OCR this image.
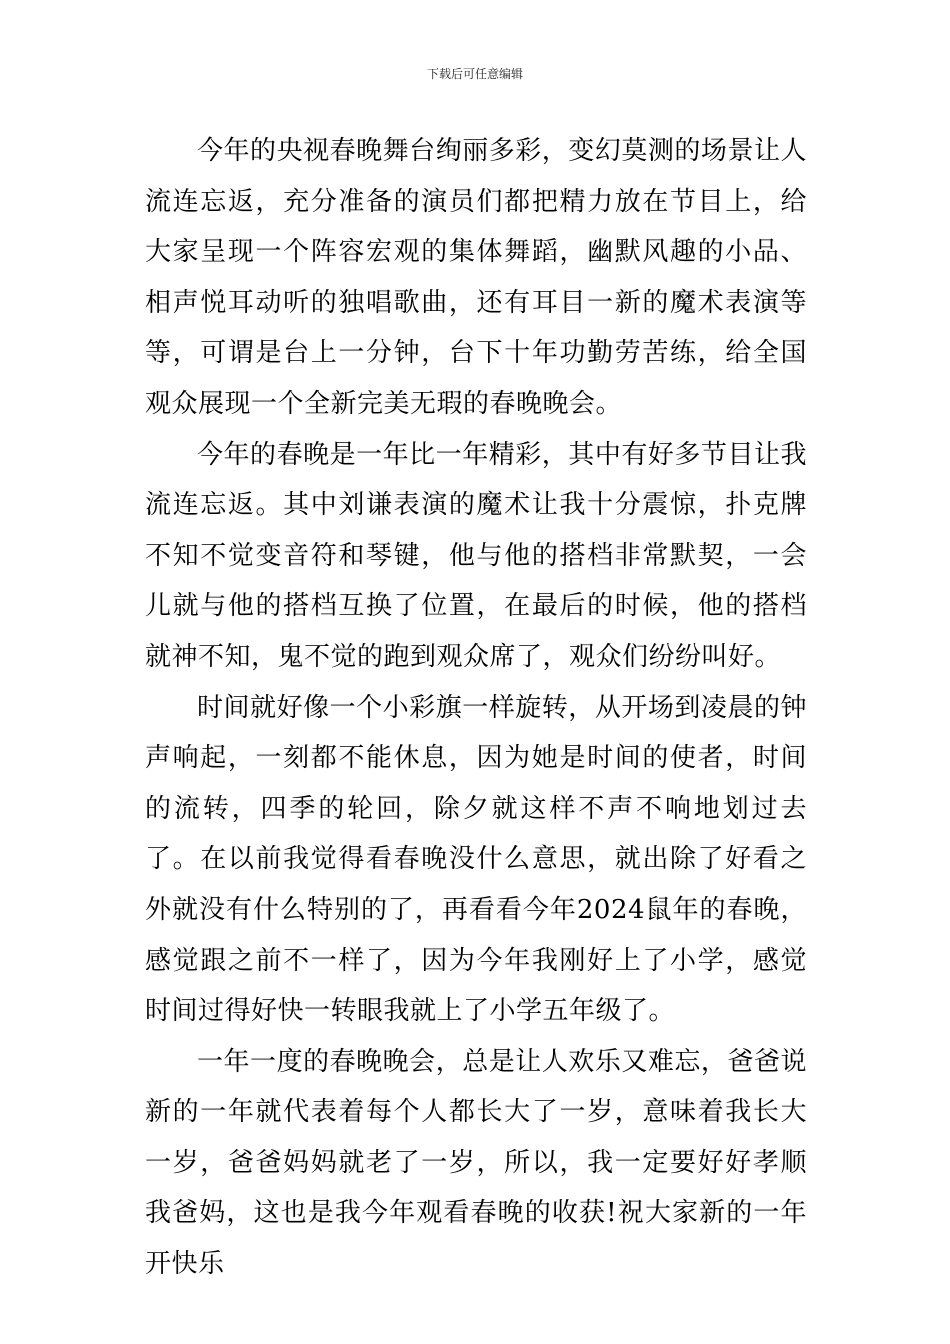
下载后可任意编辑

今年的央视春晚舞台绚丽多彩，变幻莫测的场景让人流连忘返，充分准备的演员们都把精力放在节目上，给大家呈现一个阵容宏观的集体舞蹈，幽默风趣的小品、相声悦耳动听的独唱歌曲，还有耳目一新的魔术表演等等，可谓是台上一分钟，台下十年功勤劳苦练，给全国观众展现一个全新完美无瑕的春晚晚会。

今年的春晚是一年比一年精彩，其中有好多节目让我流连忘返。其中刘谦表演的魔术让我十分震惊，扑克牌不知不觉变音符和琴键，他与他的搭档非常默契，一会儿就与他的搭档互换了位置，在最后的时候，他的搭档就神不知，鬼不觉的跑到观众席了，观众们纷纷叫好。

时间就好像一个小彩旗一样旋转，从开场到凌晨的钟声响起，一刻都不能休息，因为她是时间的使者，时间的流转，四季的轮回，除夕就这样不声不响地划过去了。在以前我觉得看春晚没什么意思，就出除了好看之外就没有什么特别的了，再看看今年2024鼠年的春晚，感觉跟之前不一样了，因为今年我刚好上了小学，感觉时间过得好快一转眼我就上了小学五年级了。

一年一度的春晚晚会，总是让人欢乐又难忘，爸爸说新的一年就代表着每个人都长大了一岁，意味着我长大一岁，爸爸妈妈就老了一岁，所以，我一定要好好孝顺我爸妈，这也是我今年观看春晚的收获!祝大家新的一年开快乐
